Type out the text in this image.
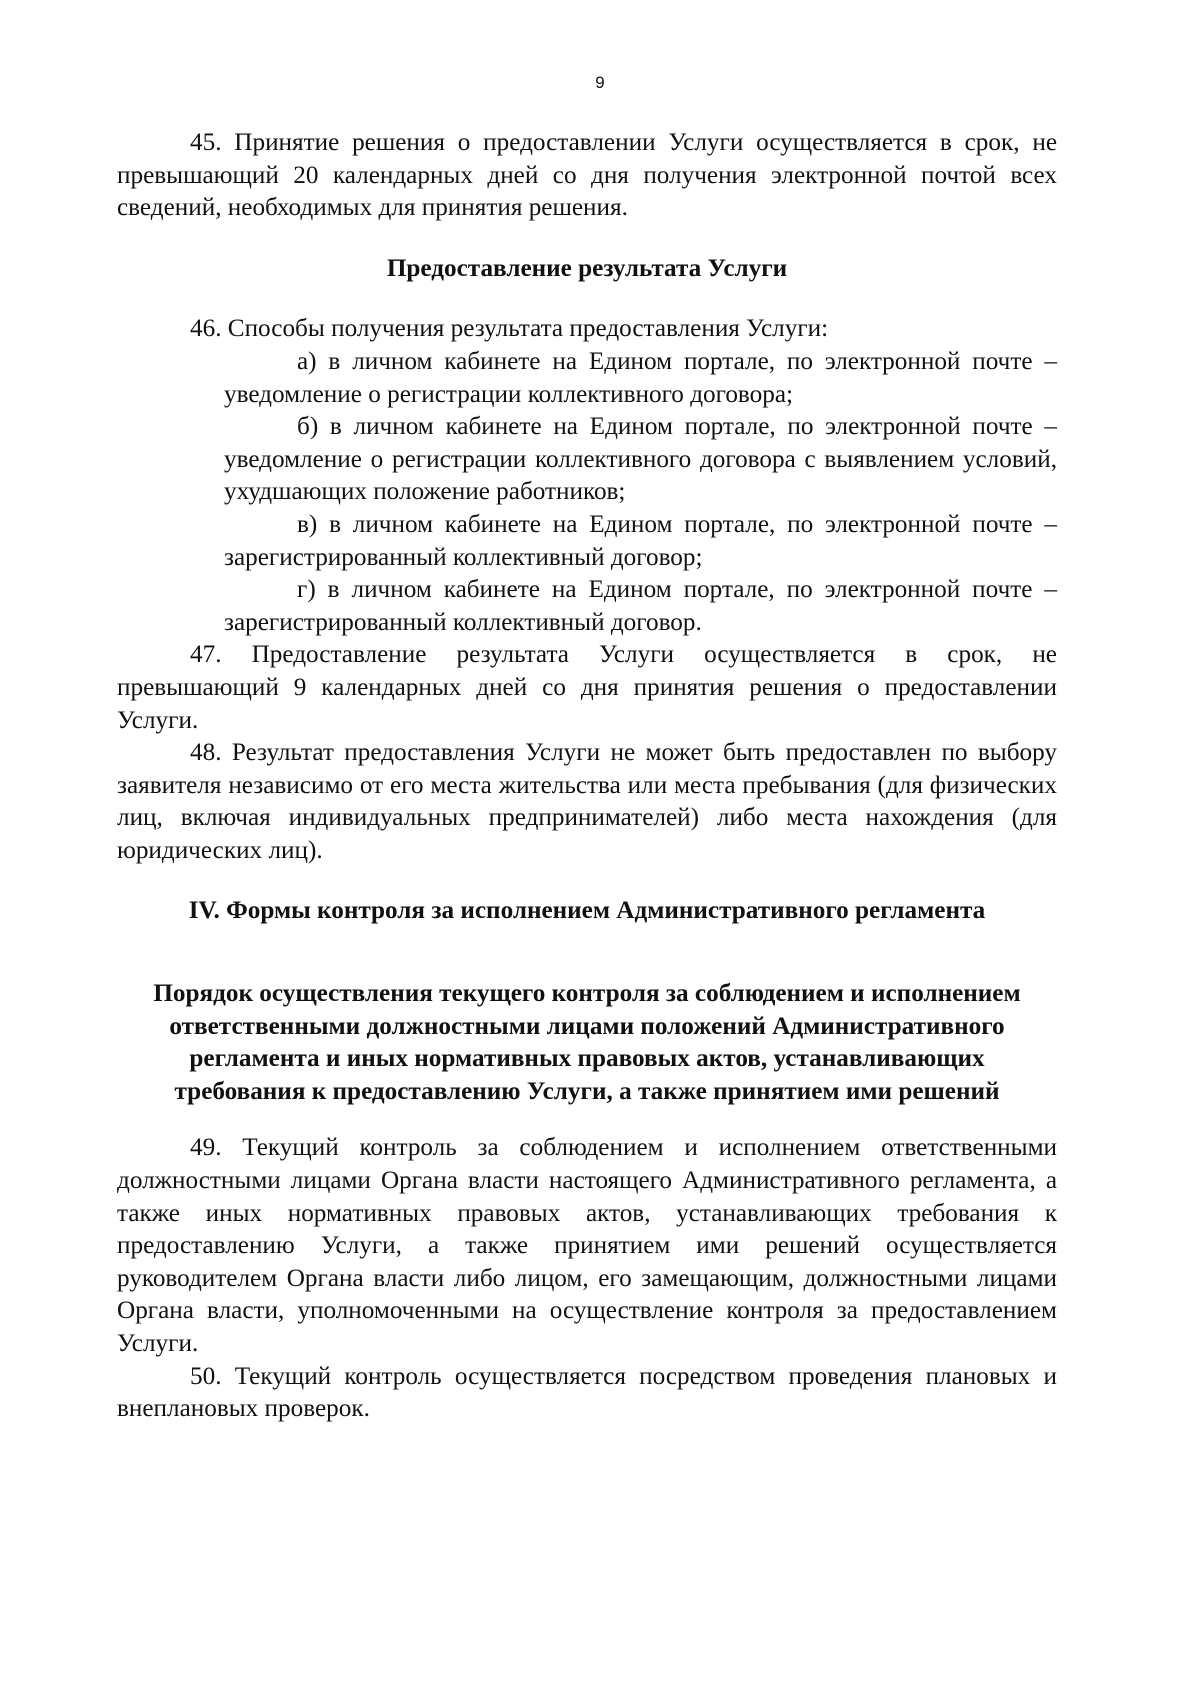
9

45. Принятие решения о предоставлении Услуги осуществляется в срок, не превышающий 20 календарных дней со дня получения электронной почтой всех сведений, необходимых для принятия решения.

Предоставление результата Услуги

46. Способы получения результата предоставления Услуги:

а) в личном кабинете на Едином портале, по электронной почте – уведомление о регистрации коллективного договора;

б) в личном кабинете на Едином портале, по электронной почте – уведомление о регистрации коллективного договора с выявлением условий, ухудшающих положение работников;

в) в личном кабинете на Едином портале, по электронной почте – зарегистрированный коллективный договор;

г) в личном кабинете на Едином портале, по электронной почте – зарегистрированный коллективный договор.

47. Предоставление результата Услуги осуществляется в срок, не превышающий 9 календарных дней со дня принятия решения о предоставлении Услуги.

48. Результат предоставления Услуги не может быть предоставлен по выбору заявителя независимо от его места жительства или места пребывания (для физических лиц, включая индивидуальных предпринимателей) либо места нахождения (для юридических лиц).

IV. Формы контроля за исполнением Административного регламента
Порядок осуществления текущего контроля за соблюдением и исполнением ответственными должностными лицами положений Административного регламента и иных нормативных правовых актов, устанавливающих требования к предоставлению Услуги, а также принятием ими решений

49. Текущий контроль за соблюдением и исполнением ответственными должностными лицами Органа власти настоящего Административного регламента, а также иных нормативных правовых актов, устанавливающих требования к предоставлению Услуги, а также принятием ими решений осуществляется руководителем Органа власти либо лицом, его замещающим, должностными лицами Органа власти, уполномоченными на осуществление контроля за предоставлением Услуги.

50. Текущий контроль осуществляется посредством проведения плановых и внеплановых проверок.
